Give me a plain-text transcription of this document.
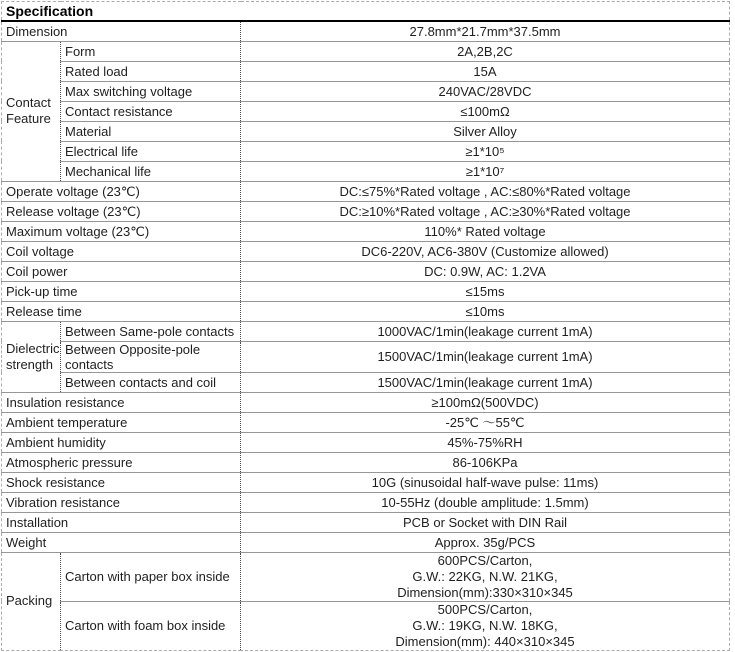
Specification		
Dimension		27.8mm*21.7mm*37.5mm
Contact Feature	Form	2A,2B,2C
	Rated load	15A
	Max switching voltage	240VAC/28VDC
	Contact resistance	≤100mΩ
	Material	Silver Alloy
	Electrical life	≥1*10⁵
	Mechanical life	≥1*10⁷
Operate voltage (23℃)		DC:≤75%*Rated voltage , AC:≤80%*Rated voltage
Release voltage (23℃)		DC:≥10%*Rated voltage , AC:≥30%*Rated voltage
Maximum voltage (23℃)		110%* Rated voltage
Coil voltage		DC6-220V, AC6-380V (Customize allowed)
Coil power		DC: 0.9W, AC: 1.2VA
Pick-up time		≤15ms
Release time		≤10ms
Dielectric strength	Between Same-pole contacts	1000VAC/1min(leakage current 1mA)
	Between Opposite-pole contacts	1500VAC/1min(leakage current 1mA)
	Between contacts and coil	1500VAC/1min(leakage current 1mA)
Insulation resistance		≥100mΩ(500VDC)
Ambient temperature		-25℃ ～55℃
Ambient humidity		45%-75%RH
Atmospheric pressure		86-106KPa
Shock resistance		10G (sinusoidal half-wave pulse: 11ms)
Vibration resistance		10-55Hz (double amplitude: 1.5mm)
Installation		PCB or Socket with DIN Rail
Weight		Approx. 35g/PCS
Packing	Carton with paper box inside	600PCS/Carton,
G.W.: 22KG, N.W. 21KG,
Dimension(mm):330×310×345
	Carton with foam box inside	500PCS/Carton,
G.W.: 19KG, N.W. 18KG,
Dimension(mm): 440×310×345
